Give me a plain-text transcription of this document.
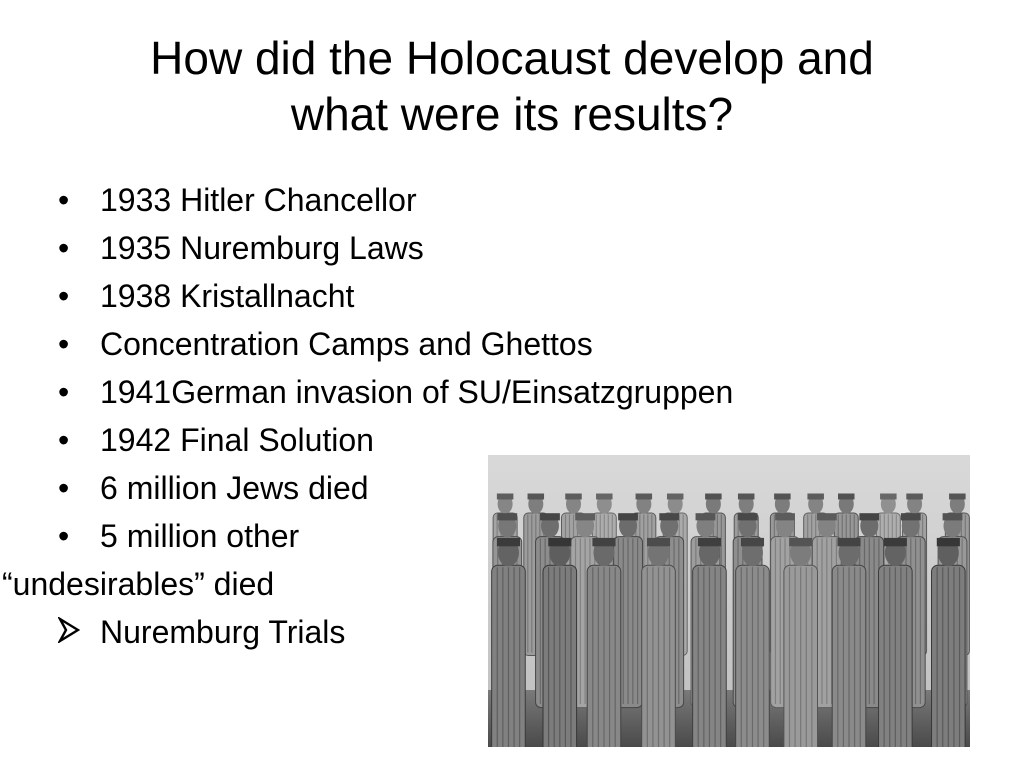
How did the Holocaust develop and
what were its results?
• 1933 Hitler Chancellor
• 1935 Nuremburg Laws
• 1938 Kristallnacht
• Concentration Camps and Ghettos
• 1941German invasion of SU/Einsatzgruppen
• 1942 Final Solution
• 6 million Jews died
• 5 million other
“undesirables” died
Nuremburg Trials
